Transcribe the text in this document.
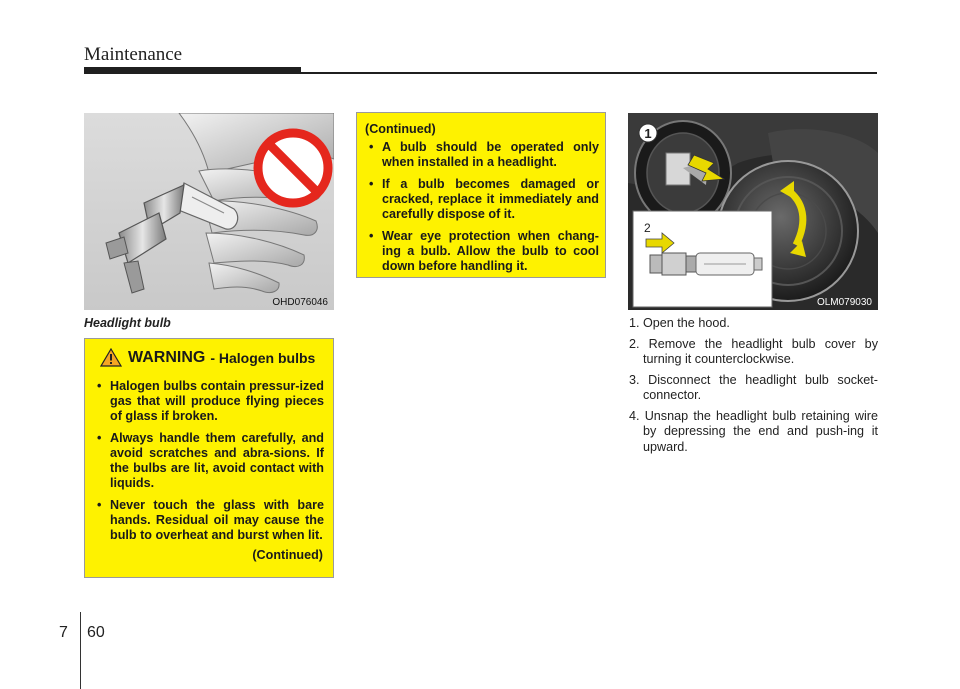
Maintenance
OHD076046
Headlight bulb
WARNING - Halogen bulbs
• Halogen bulbs contain pressur-ized gas that will produce flying pieces of glass if broken.
• Always handle them carefully, and avoid scratches and abra-sions. If the bulbs are lit, avoid contact with liquids.
• Never touch the glass with bare hands. Residual oil may cause the bulb to overheat and burst when lit.
(Continued)
(Continued)
• A bulb should be operated only when installed in a headlight.
• If a bulb becomes damaged or cracked, replace it immediately and carefully dispose of it.
• Wear eye protection when chang-ing a bulb. Allow the bulb to cool down before handling it.
1
2
OLM079030
1. Open the hood.
2. Remove the headlight bulb cover by turning it counterclockwise.
3. Disconnect the headlight bulb socket-connector.
4. Unsnap the headlight bulb retaining wire by depressing the end and push-ing it upward.
7 60
